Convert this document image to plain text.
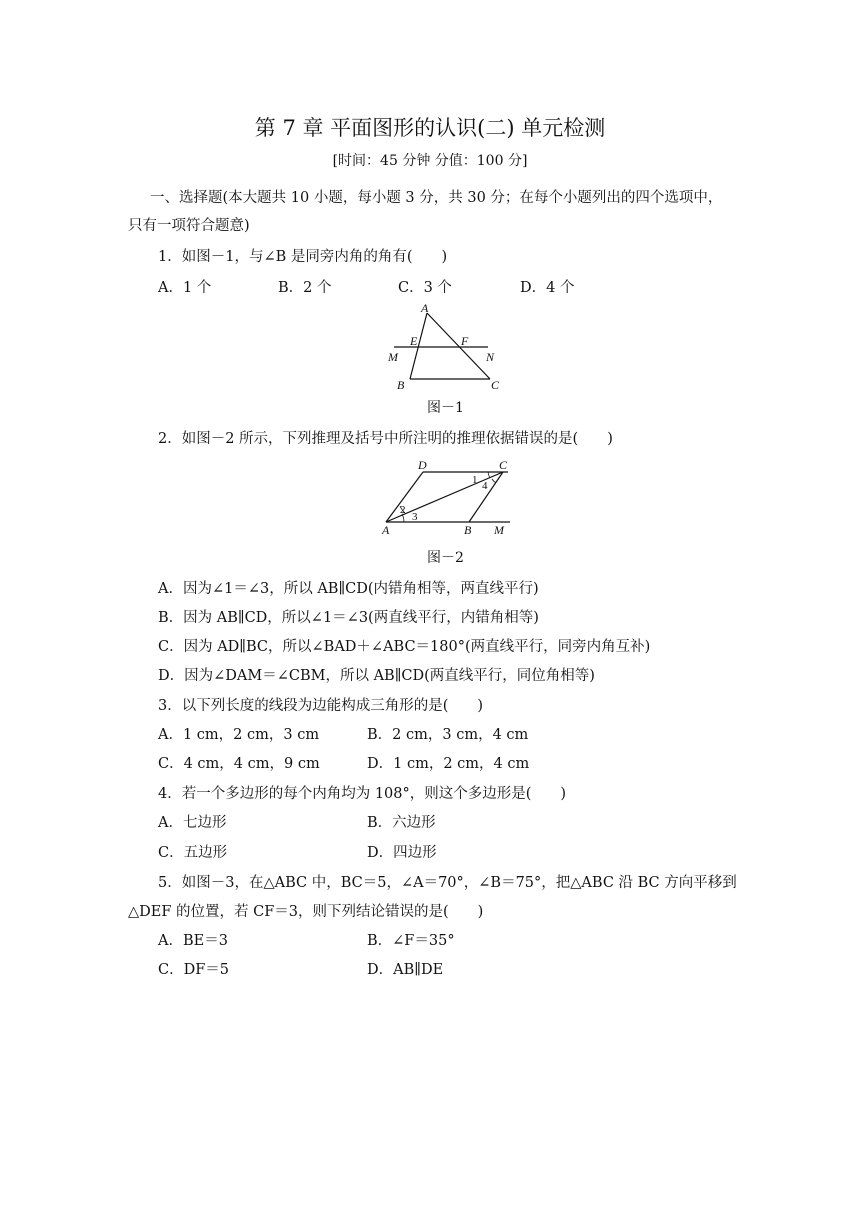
第 7 章 平面图形的认识(二) 单元检测
[时间：45 分钟 分值：100 分]
一、选择题(本大题共 10 小题，每小题 3 分，共 30 分；在每个小题列出的四个选项中，
只有一项符合题意)
1．如图－1，与∠B 是同旁内角的角有(　　)
A．1 个	B．2 个	C．3 个	D．4 个
A
E	F
M	N
B	C
图－1
2．如图－2 所示，下列推理及括号中所注明的推理依据错误的是(　　)
D	C
1 4
2
3
A	B M
图－2
A．因为∠1＝∠3，所以 AB∥CD(内错角相等，两直线平行)
B．因为 AB∥CD，所以∠1＝∠3(两直线平行，内错角相等)
C．因为 AD∥BC，所以∠BAD＋∠ABC＝180°(两直线平行，同旁内角互补)
D．因为∠DAM＝∠CBM，所以 AB∥CD(两直线平行，同位角相等)
3．以下列长度的线段为边能构成三角形的是(　　)
A．1 cm，2 cm，3 cm	B．2 cm，3 cm，4 cm
C．4 cm，4 cm，9 cm	D．1 cm，2 cm，4 cm
4．若一个多边形的每个内角均为 108°，则这个多边形是(　　)
A．七边形	B．六边形
C．五边形	D．四边形
5．如图－3，在△ABC 中，BC＝5，∠A＝70°，∠B＝75°，把△ABC 沿 BC 方向平移到
△DEF 的位置，若 CF＝3，则下列结论错误的是(　　)
A．BE＝3	B．∠F＝35°
C．DF＝5	D．AB∥DE
